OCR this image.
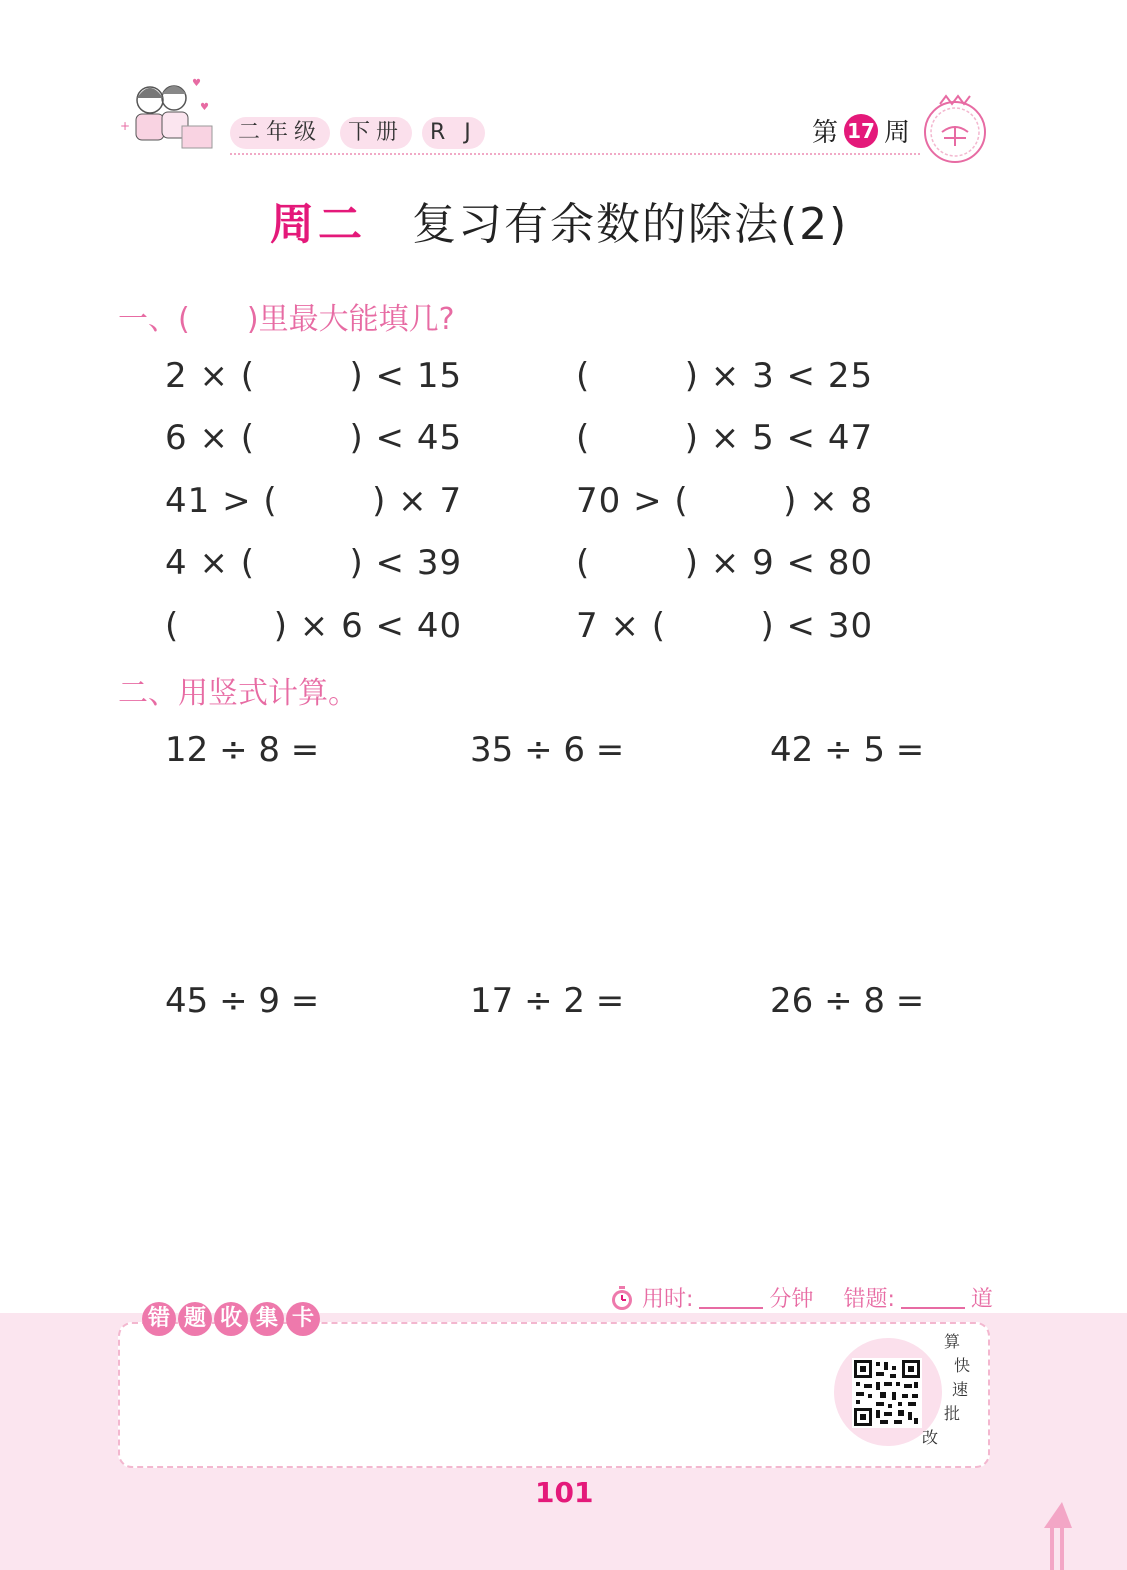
+
♥
♥
二年级	下册	R J	第 17 周
周二 复习有余数的除法(2)
一、(      )里最大能填几?
2 × (        ) < 15	(        ) × 3 < 25
6 × (        ) < 45	(        ) × 5 < 47
41 > (        ) × 7	70 > (        ) × 8
4 × (        ) < 39	(        ) × 9 < 80
(        ) × 6 < 40	7 × (        ) < 30
二、用竖式计算。
12 ÷ 8 =	35 ÷ 6 =	42 ÷ 5 =
45 ÷ 9 =	17 ÷ 2 =	26 ÷ 8 =
用时:	分钟 错题:	道
错 题 收 集 卡
算
快
速
批
改
101
